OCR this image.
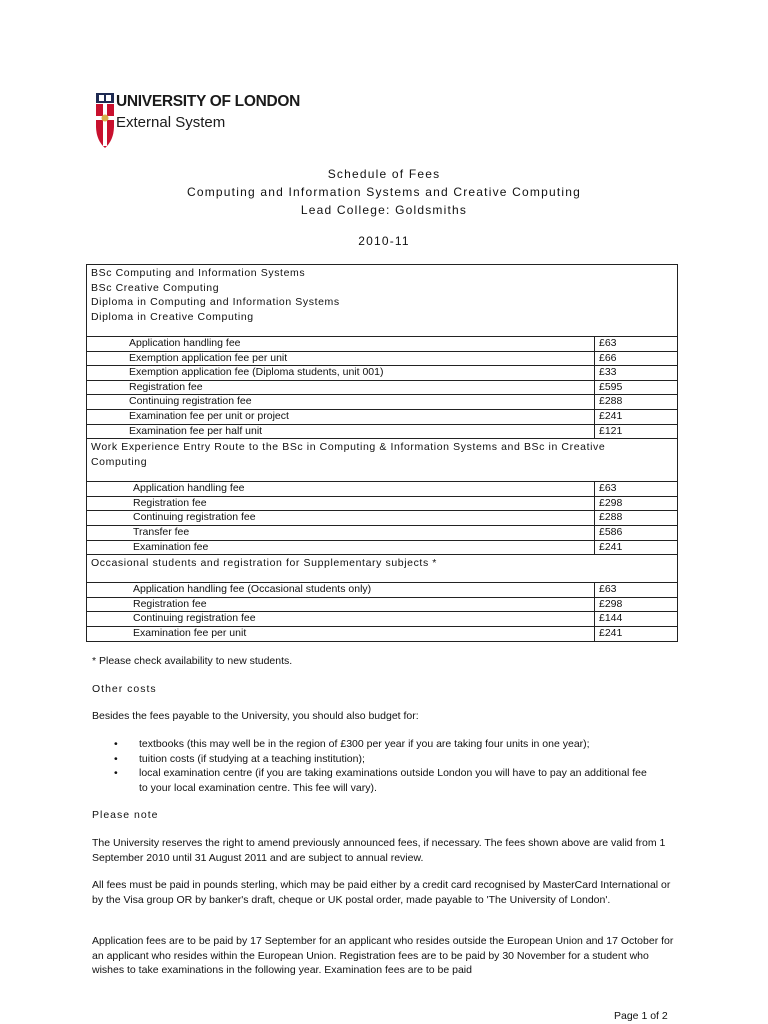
UNIVERSITY OF LONDON
External System
Schedule of Fees
Computing and Information Systems and Creative Computing
Lead College: Goldsmiths
2010-11
BSc Computing and Information Systems
BSc Creative Computing
Diploma in Computing and Information Systems
Diploma in Creative Computing	

Application handling fee	£63
Exemption application fee per unit	£66
Exemption application fee (Diploma students, unit 001)	£33
Registration fee	£595
Continuing registration fee	£288
Examination fee per unit or project	£241
Examination fee per half unit	£121

Work Experience Entry Route to the BSc in Computing & Information Systems and BSc in Creative
Computing	

Application handling fee	£63
Registration fee	£298
Continuing registration fee	£288
Transfer fee	£586
Examination fee	£241

Occasional students and registration for Supplementary subjects *	

Application handling fee (Occasional students only)	£63
Registration fee	£298
Continuing registration fee	£144
Examination fee per unit	£241
* Please check availability to new students.
Other costs
Besides the fees payable to the University, you should also budget for:
• textbooks (this may well be in the region of £300 per year if you are taking four units in one year);
• tuition costs (if studying at a teaching institution);
• local examination centre (if you are taking examinations outside London you will have to pay an additional fee to your local examination centre. This fee will vary).
Please note
The University reserves the right to amend previously announced fees, if necessary. The fees shown above are valid from 1 September 2010 until 31 August 2011 and are subject to annual review.
All fees must be paid in pounds sterling, which may be paid either by a credit card recognised by MasterCard International or by the Visa group OR by banker's draft, cheque or UK postal order, made payable to 'The University of London'.
Application fees are to be paid by 17 September for an applicant who resides outside the European Union and 17 October for an applicant who resides within the European Union. Registration fees are to be paid by 30 November for a student who wishes to take examinations in the following year. Examination fees are to be paid
Page 1 of 2
